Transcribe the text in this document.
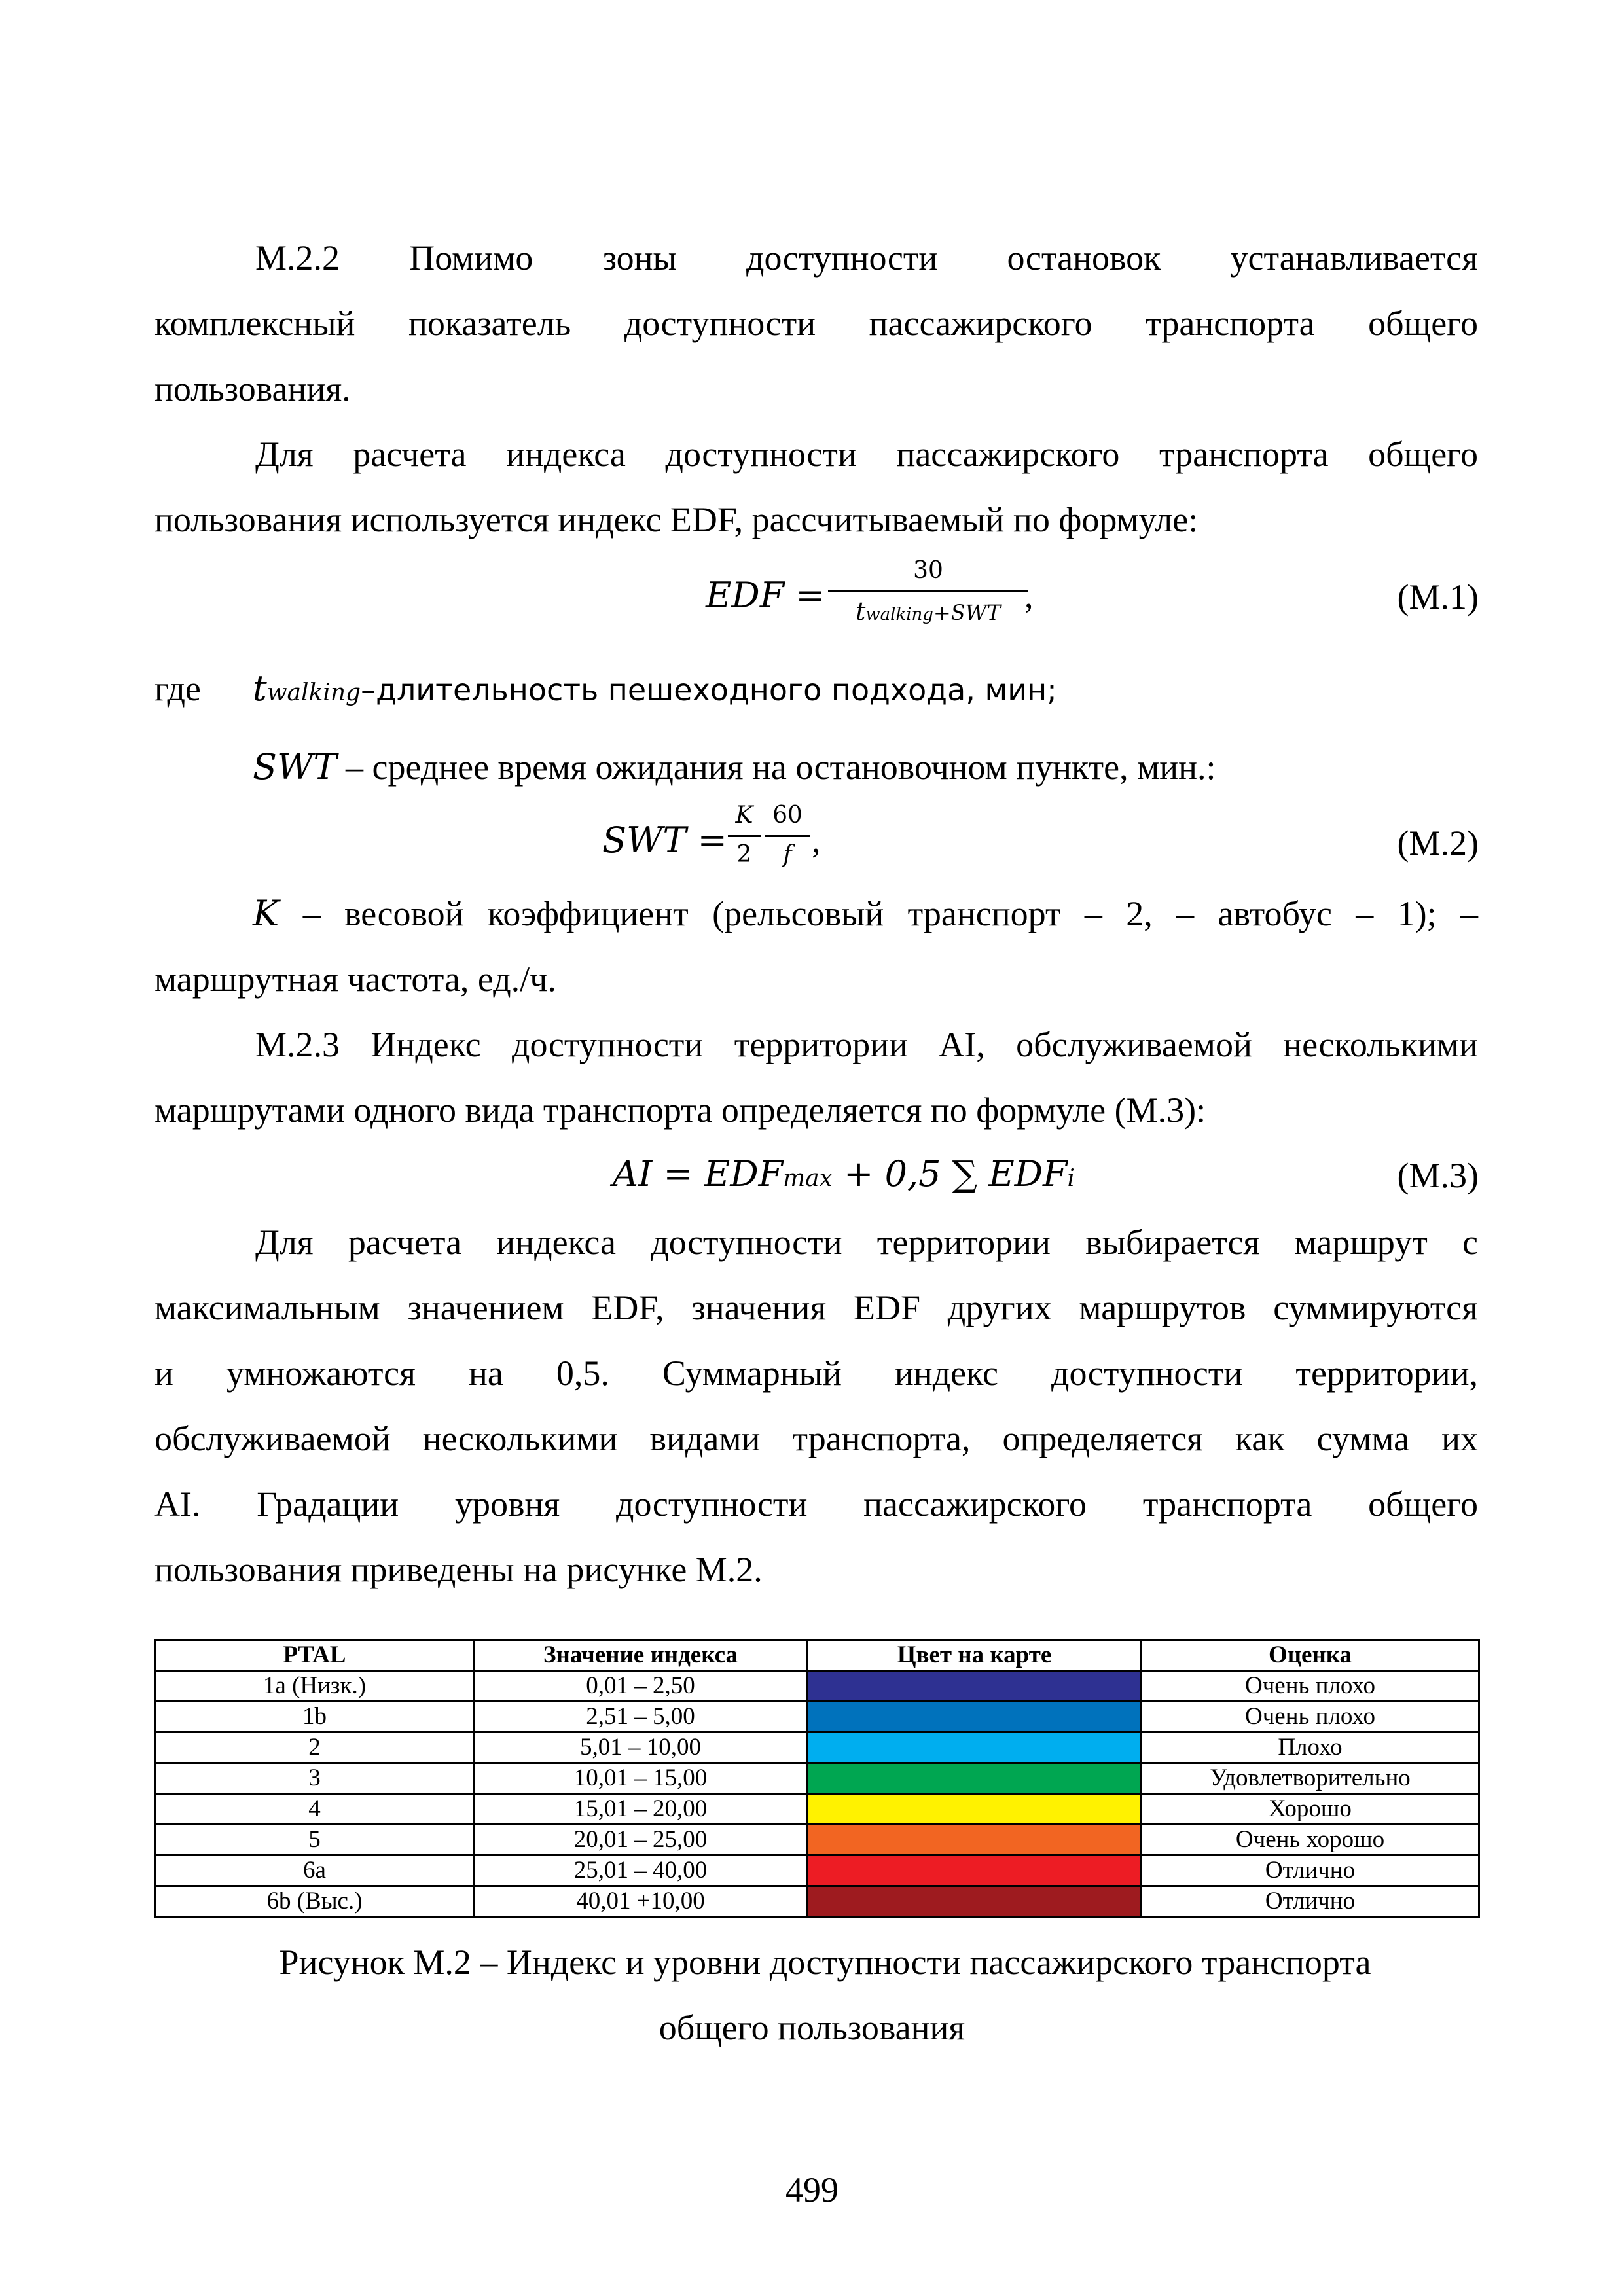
М.2.2 Помимо зоны доступности остановок устанавливается
комплексный показатель доступности пассажирского транспорта общего
пользования.
Для расчета индекса доступности пассажирского транспорта общего
пользования используется индекс EDF, рассчитываемый по формуле:
EDF =
30
twalking+SWT ,	(М.1)
где twalking–длительность пешеходного подхода, мин;
SWT – среднее время ожидания на остановочном пункте, мин.:
SWT =
K
2
60
f ,	(М.2)
K – весовой коэффициент (рельсовый транспорт – 2, – автобус – 1); –
маршрутная частота, ед./ч.
М.2.3 Индекс доступности территории AI, обслуживаемой несколькими
маршрутами одного вида транспорта определяется по формуле (М.3):
AI = EDFmax + 0,5 ∑ EDFi	(М.3)
Для расчета индекса доступности территории выбирается маршрут с
максимальным значением EDF, значения EDF других маршрутов суммируются
и умножаются на 0,5. Суммарный индекс доступности территории,
обслуживаемой несколькими видами транспорта, определяется как сумма их
AI. Градации уровня доступности пассажирского транспорта общего
пользования приведены на рисунке М.2.
PTAL	Значение индекса	Цвет на карте	Оценка
1a (Низк.)	0,01 – 2,50		Очень плохо
1b	2,51 – 5,00		Очень плохо
2	5,01 – 10,00		Плохо
3	10,01 – 15,00		Удовлетворительно
4	15,01 – 20,00		Хорошо
5	20,01 – 25,00		Очень хорошо
6a	25,01 – 40,00		Отлично
6b (Выс.)	40,01 +10,00		Отлично
Рисунок М.2 – Индекс и уровни доступности пассажирского транспорта
общего пользования
499
